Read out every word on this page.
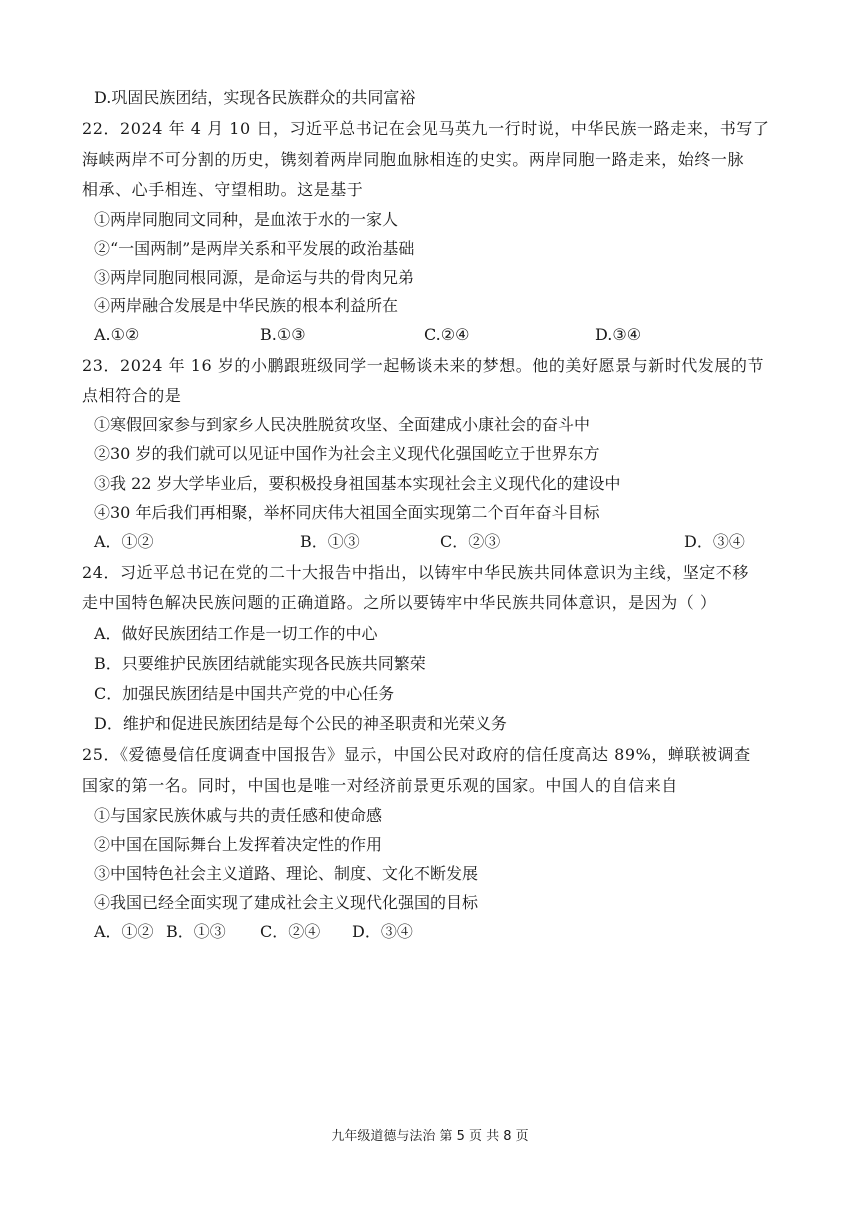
D.巩固民族团结，实现各民族群众的共同富裕
22．2024 年 4 月 10 日，习近平总书记在会见马英九一行时说，中华民族一路走来，书写了
海峡两岸不可分割的历史，镌刻着两岸同胞血脉相连的史实。两岸同胞一路走来，始终一脉
相承、心手相连、守望相助。这是基于
①两岸同胞同文同种，是血浓于水的一家人
②“一国两制”是两岸关系和平发展的政治基础
③两岸同胞同根同源，是命运与共的骨肉兄弟
④两岸融合发展是中华民族的根本利益所在
A.①②	B.①③	C.②④	D.③④
23．2024 年 16 岁的小鹏跟班级同学一起畅谈未来的梦想。他的美好愿景与新时代发展的节
点相符合的是
①寒假回家参与到家乡人民决胜脱贫攻坚、全面建成小康社会的奋斗中
②30 岁的我们就可以见证中国作为社会主义现代化强国屹立于世界东方
③我 22 岁大学毕业后，要积极投身祖国基本实现社会主义现代化的建设中
④30 年后我们再相聚，举杯同庆伟大祖国全面实现第二个百年奋斗目标
A．①②	B．①③	C．②③	D．③④
24．习近平总书记在党的二十大报告中指出，以铸牢中华民族共同体意识为主线，坚定不移
走中国特色解决民族问题的正确道路。之所以要铸牢中华民族共同体意识，是因为（ ）
A．做好民族团结工作是一切工作的中心
B．只要维护民族团结就能实现各民族共同繁荣
C．加强民族团结是中国共产党的中心任务
D．维护和促进民族团结是每个公民的神圣职责和光荣义务
25．《爱德曼信任度调查中国报告》显示，中国公民对政府的信任度高达 89%，蝉联被调查
国家的第一名。同时，中国也是唯一对经济前景更乐观的国家。中国人的自信来自
①与国家民族休戚与共的责任感和使命感
②中国在国际舞台上发挥着决定性的作用
③中国特色社会主义道路、理论、制度、文化不断发展
④我国已经全面实现了建成社会主义现代化强国的目标
A．①② B．①③ C．②④ D．③④
九年级道德与法治 第 5 页 共 8 页
